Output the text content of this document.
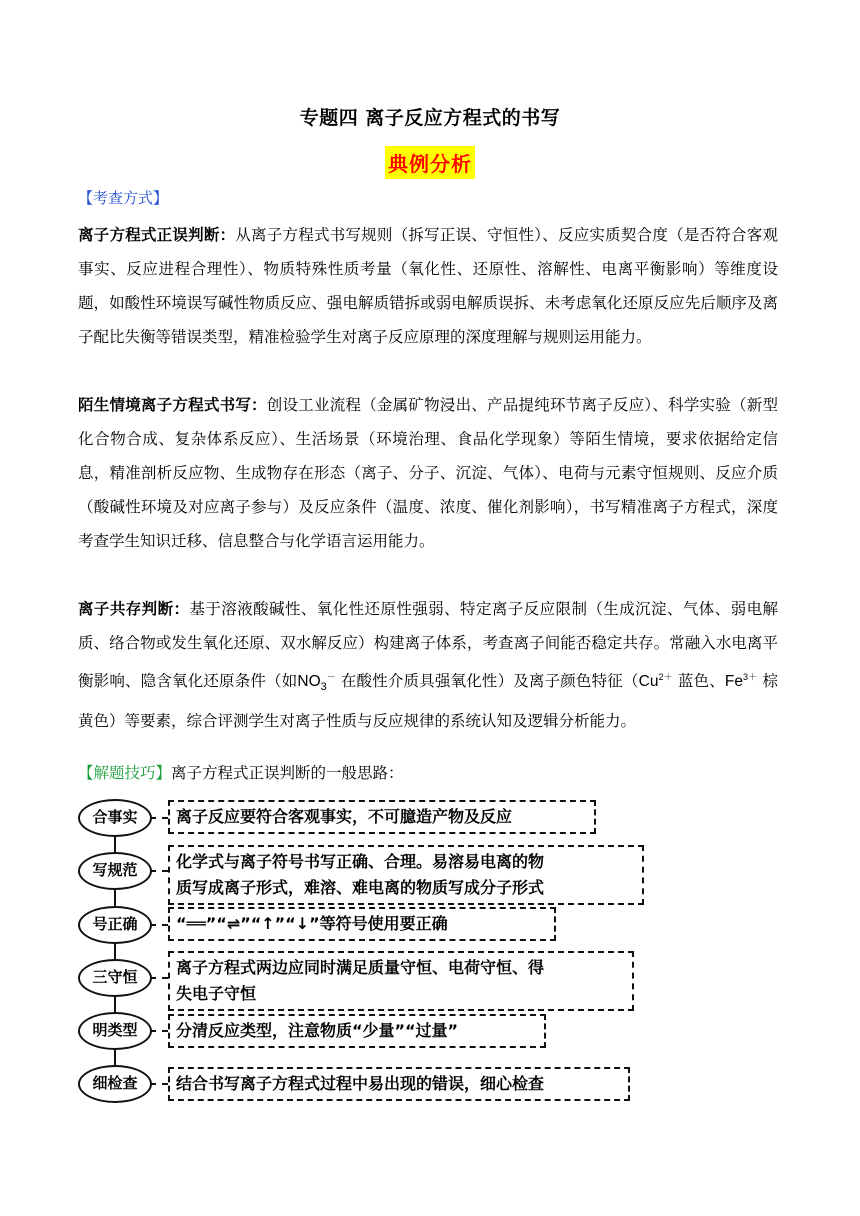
专题四 离子反应方程式的书写
典例分析
【考查方式】
离子方程式正误判断：从离子方程式书写规则（拆写正误、守恒性）、反应实质契合度（是否符合客观事实、反应进程合理性）、物质特殊性质考量（氧化性、还原性、溶解性、电离平衡影响）等维度设题，如酸性环境误写碱性物质反应、强电解质错拆或弱电解质误拆、未考虑氧化还原反应先后顺序及离子配比失衡等错误类型，精准检验学生对离子反应原理的深度理解与规则运用能力。
陌生情境离子方程式书写：创设工业流程（金属矿物浸出、产品提纯环节离子反应）、科学实验（新型化合物合成、复杂体系反应）、生活场景（环境治理、食品化学现象）等陌生情境，要求依据给定信息，精准剖析反应物、生成物存在形态（离子、分子、沉淀、气体）、电荷与元素守恒规则、反应介质（酸碱性环境及对应离子参与）及反应条件（温度、浓度、催化剂影响），书写精准离子方程式，深度考查学生知识迁移、信息整合与化学语言运用能力。
离子共存判断：基于溶液酸碱性、氧化性还原性强弱、特定离子反应限制（生成沉淀、气体、弱电解质、络合物或发生氧化还原、双水解反应）构建离子体系，考查离子间能否稳定共存。常融入水电离平衡影响、隐含氧化还原条件（如$NO_3^-$ 在酸性介质具强氧化性）及离子颜色特征（$Cu^{2+}$ 蓝色、$Fe^{3+}$ 棕黄色）等要素，综合评测学生对离子性质与反应规律的系统认知及逻辑分析能力。
【解题技巧】离子方程式正误判断的一般思路：
合事实	离子反应要符合客观事实，不可臆造产物及反应
写规范	化学式与离子符号书写正确、合理。易溶易电离的物
质写成离子形式，难溶、难电离的物质写成分子形式
号正确	“══”“⇌”“↑”“↓”等符号使用要正确
三守恒	离子方程式两边应同时满足质量守恒、电荷守恒、得
失电子守恒
明类型	分清反应类型，注意物质“少量”“过量”
细检查	结合书写离子方程式过程中易出现的错误，细心检查
